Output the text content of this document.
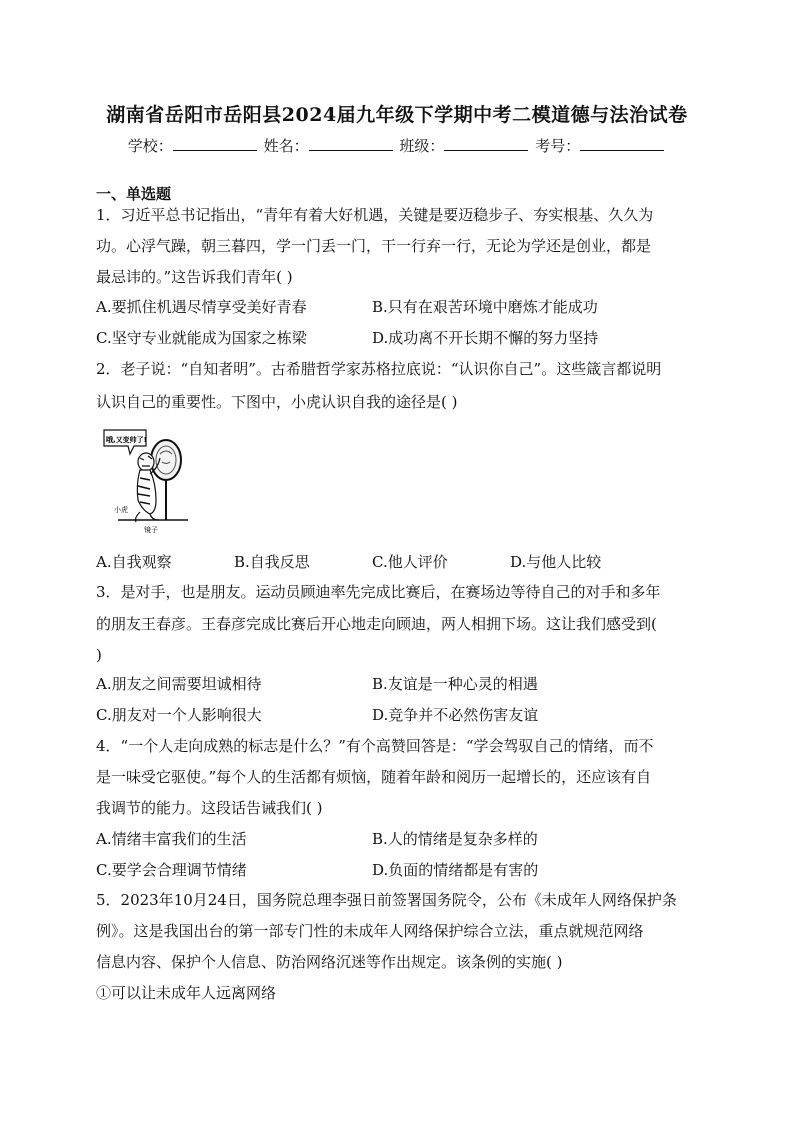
湖南省岳阳市岳阳县2024届九年级下学期中考二模道德与法治试卷
学校：	姓名：	班级：	考号：
一、单选题
1．习近平总书记指出，“青年有着大好机遇，关键是要迈稳步子、夯实根基、久久为
功。心浮气躁，朝三暮四，学一门丢一门，干一行弃一行，无论为学还是创业，都是
最忌讳的。”这告诉我们青年( )
A.要抓住机遇尽情享受美好青春	B.只有在艰苦环境中磨炼才能成功
C.坚守专业就能成为国家之栋梁	D.成功离不开长期不懈的努力坚持
2．老子说：“自知者明”。古希腊哲学家苏格拉底说：“认识你自己”。这些箴言都说明
认识自己的重要性。下图中，小虎认识自我的途径是( )
哦,又变帅了!
小虎
镜子
A.自我观察	B.自我反思	C.他人评价	D.与他人比较
3．是对手，也是朋友。运动员顾迪率先完成比赛后，在赛场边等待自己的对手和多年
的朋友王春彦。王春彦完成比赛后开心地走向顾迪，两人相拥下场。这让我们感受到(
)
A.朋友之间需要坦诚相待	B.友谊是一种心灵的相遇
C.朋友对一个人影响很大	D.竞争并不必然伤害友谊
4．“一个人走向成熟的标志是什么？”有个高赞回答是：“学会驾驭自己的情绪，而不
是一味受它驱使。”每个人的生活都有烦恼，随着年龄和阅历一起增长的，还应该有自
我调节的能力。这段话告诫我们( )
A.情绪丰富我们的生活	B.人的情绪是复杂多样的
C.要学会合理调节情绪	D.负面的情绪都是有害的
5．2023年10月24日，国务院总理李强日前签署国务院令，公布《未成年人网络保护条
例》。这是我国出台的第一部专门性的未成年人网络保护综合立法，重点就规范网络
信息内容、保护个人信息、防治网络沉迷等作出规定。该条例的实施( )
①可以让未成年人远离网络
